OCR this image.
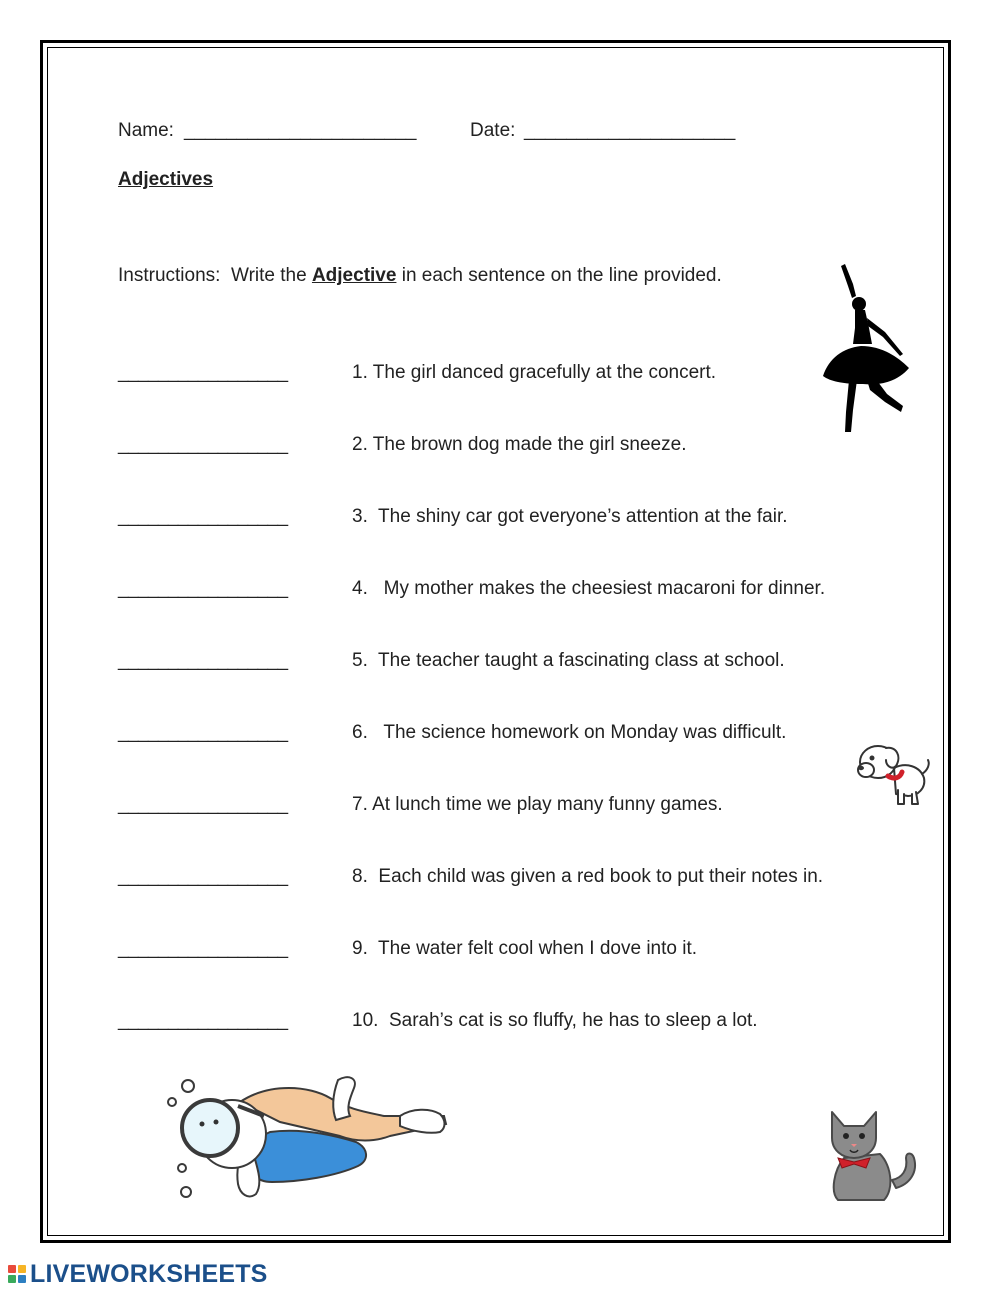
Name: ______________________	Date: ____________________
Adjectives
Instructions:  Write the Adjective in each sentence on the line provided.
_________________	1. The girl danced gracefully at the concert.
_________________	2. The brown dog made the girl sneeze.
_________________	3.  The shiny car got everyone’s attention at the fair.
_________________	4.   My mother makes the cheesiest macaroni for dinner.
_________________	5.  The teacher taught a fascinating class at school.
_________________	6.   The science homework on Monday was difficult.
_________________	7. At lunch time we play many funny games.
_________________	8.  Each child was given a red book to put their notes in.
_________________	9.  The water felt cool when I dove into it.
_________________	10.  Sarah’s cat is so fluffy, he has to sleep a lot.
LIVEWORKSHEETS
